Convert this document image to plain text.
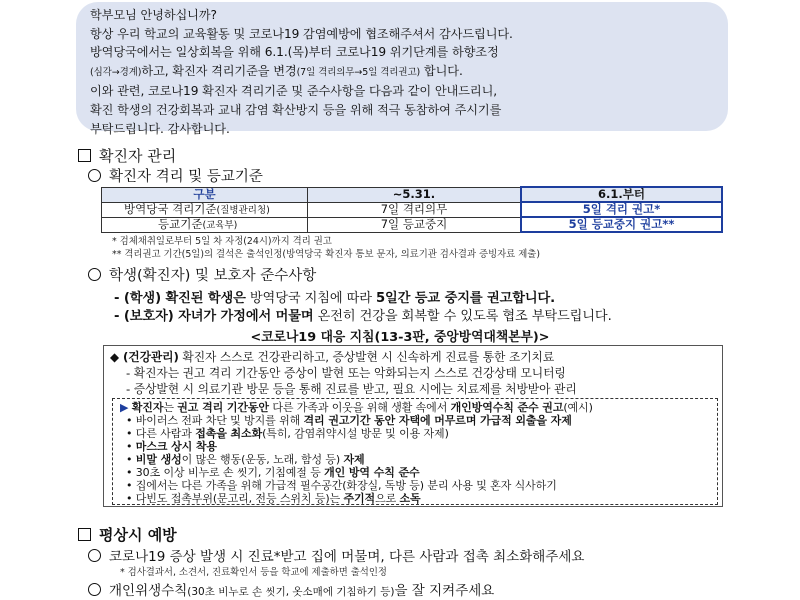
학부모님 안녕하십니까?
항상 우리 학교의 교육활동 및 코로나19 감염예방에 협조해주셔서 감사드립니다.
방역당국에서는 일상회복을 위해 6.1.(목)부터 코로나19 위기단계를 하향조정
(심각→경계)하고, 확진자 격리기준을 변경(7일 격리의무→5일 격리권고) 합니다.
이와 관련, 코로나19 확진자 격리기준 및 준수사항을 다음과 같이 안내드리니,
확진 학생의 건강회복과 교내 감염 확산방지 등을 위해 적극 동참하여 주시기를
부탁드립니다. 감사합니다.
확진자 관리
확진자 격리 및 등교기준
구분	~5.31.	6.1.부터
방역당국 격리기준(질병관리청)	7일 격리의무	5일 격리 권고*
등교기준(교육부)	7일 등교중지	5일 등교중지 권고**
* 검체채취일로부터 5일 차 자정(24시)까지 격리 권고
** 격리권고 기간(5일)의 결석은 출석인정(방역당국 확진자 통보 문자, 의료기관 검사결과 증빙자료 제출)
학생(확진자) 및 보호자 준수사항
- (학생) 확진된 학생은 방역당국 지침에 따라 5일간 등교 중지를 권고합니다.
- (보호자) 자녀가 가정에서 머물며 온전히 건강을 회복할 수 있도록 협조 부탁드립니다.
<코로나19 대응 지침(13-3판, 중앙방역대책본부)>
◆ (건강관리) 확진자 스스로 건강관리하고, 증상발현 시 신속하게 진료를 통한 조기치료
- 확진자는 권고 격리 기간동안 증상이 발현 또는 악화되는지 스스로 건강상태 모니터링
- 증상발현 시 의료기관 방문 등을 통해 진료를 받고, 필요 시에는 치료제를 처방받아 관리
▶ 확진자는 권고 격리 기간동안 다른 가족과 이웃을 위해 생활 속에서 개인방역수칙 준수 권고(예시)
• 바이러스 전파 차단 및 방지를 위해 격리 권고기간 동안 자택에 머무르며 가급적 외출을 자제
• 다른 사람과 접촉을 최소화(특히, 감염취약시설 방문 및 이용 자제)
• 마스크 상시 착용
• 비말 생성이 많은 행동(운동, 노래, 함성 등) 자제
• 30초 이상 비누로 손 씻기, 기침예절 등 개인 방역 수칙 준수
• 집에서는 다른 가족을 위해 가급적 필수공간(화장실, 독방 등) 분리 사용 및 혼자 식사하기
• 다빈도 접촉부위(문고리, 전등 스위치 등)는 주기적으로 소독
평상시 예방
코로나19 증상 발생 시 진료*받고 집에 머물며, 다른 사람과 접촉 최소화해주세요
* 검사결과서, 소견서, 진료확인서 등을 학교에 제출하면 출석인정
개인위생수칙(30초 비누로 손 씻기, 옷소매에 기침하기 등)을 잘 지켜주세요
